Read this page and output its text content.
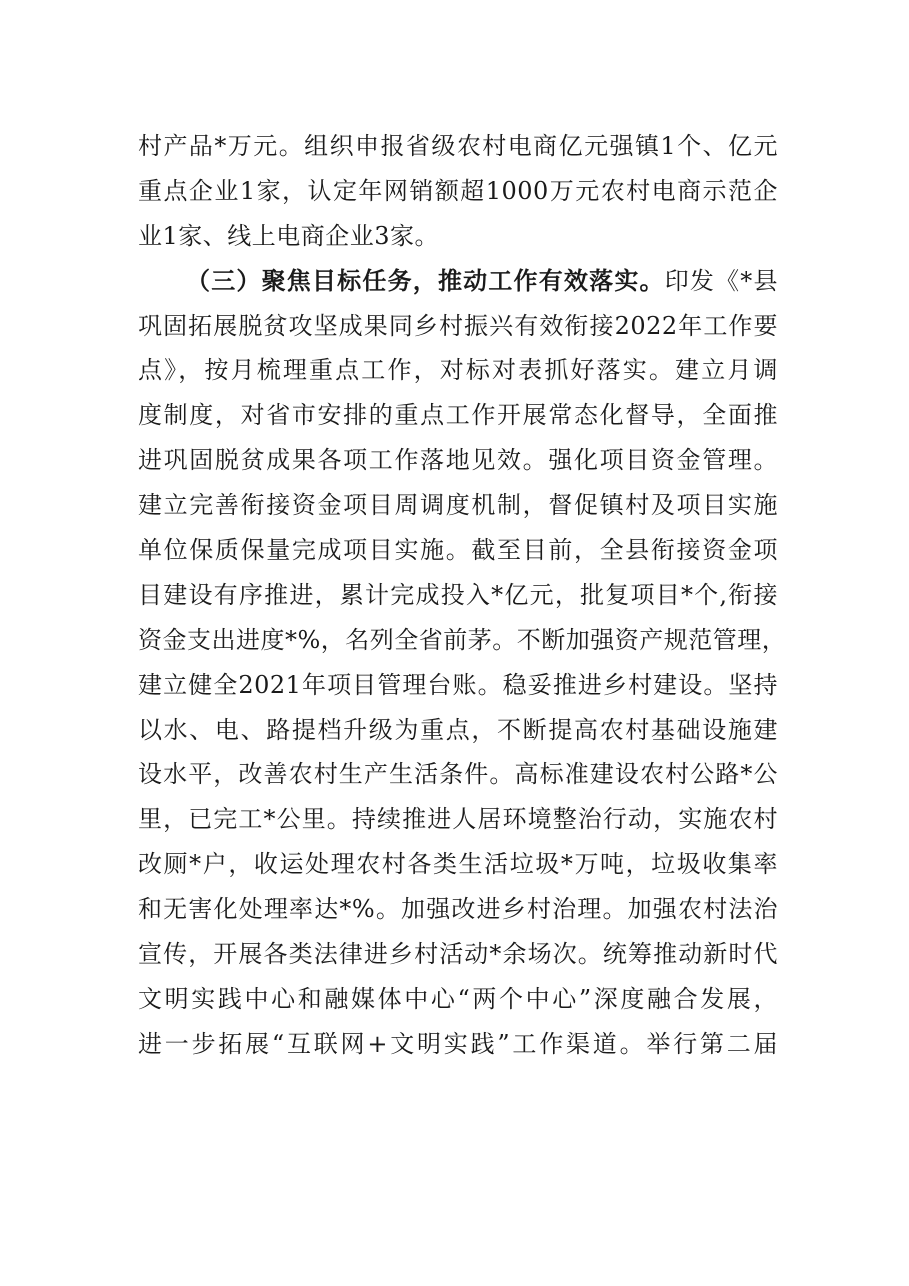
村产品*万元。组织申报省级农村电商亿元强镇1个、亿元
重点企业1家，认定年网销额超1000万元农村电商示范企
业1家、线上电商企业3家。
（三）聚焦目标任务，推动工作有效落实。印发《*县
巩固拓展脱贫攻坚成果同乡村振兴有效衔接2022年工作要
点》，按月梳理重点工作，对标对表抓好落实。建立月调
度制度，对省市安排的重点工作开展常态化督导，全面推
进巩固脱贫成果各项工作落地见效。强化项目资金管理。
建立完善衔接资金项目周调度机制，督促镇村及项目实施
单位保质保量完成项目实施。截至目前，全县衔接资金项
目建设有序推进，累计完成投入*亿元，批复项目*个,衔接
资金支出进度*%，名列全省前茅。不断加强资产规范管理，
建立健全2021年项目管理台账。稳妥推进乡村建设。坚持
以水、电、路提档升级为重点，不断提高农村基础设施建
设水平，改善农村生产生活条件。高标准建设农村公路*公
里，已完工*公里。持续推进人居环境整治行动，实施农村
改厕*户，收运处理农村各类生活垃圾*万吨，垃圾收集率
和无害化处理率达*%。加强改进乡村治理。加强农村法治
宣传，开展各类法律进乡村活动*余场次。统筹推动新时代
文明实践中心和融媒体中心“两个中心”深度融合发展，
进一步拓展“互联网+文明实践”工作渠道。举行第二届
